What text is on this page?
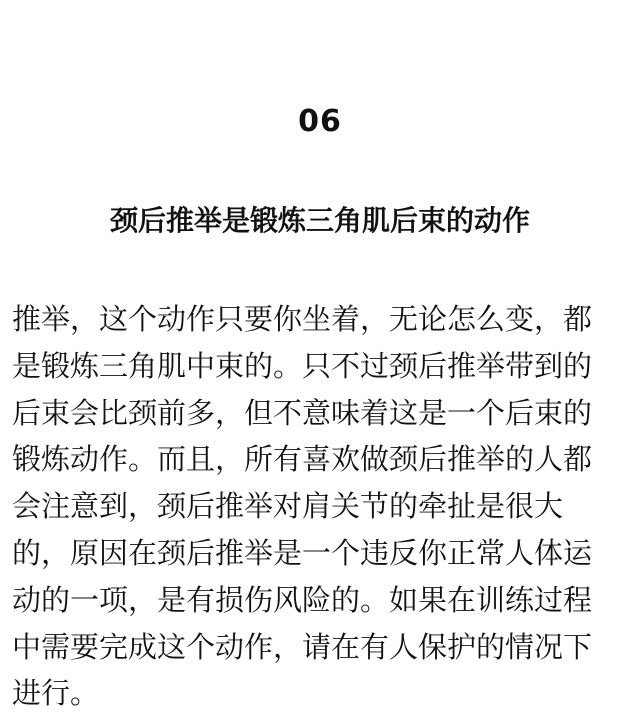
06
颈后推举是锻炼三角肌后束的动作
推举，这个动作只要你坐着，无论怎么变，都
是锻炼三角肌中束的。只不过颈后推举带到的
后束会比颈前多，但不意味着这是一个后束的
锻炼动作。而且，所有喜欢做颈后推举的人都
会注意到，颈后推举对肩关节的牵扯是很大
的，原因在颈后推举是一个违反你正常人体运
动的一项，是有损伤风险的。如果在训练过程
中需要完成这个动作，请在有人保护的情况下
进行。
